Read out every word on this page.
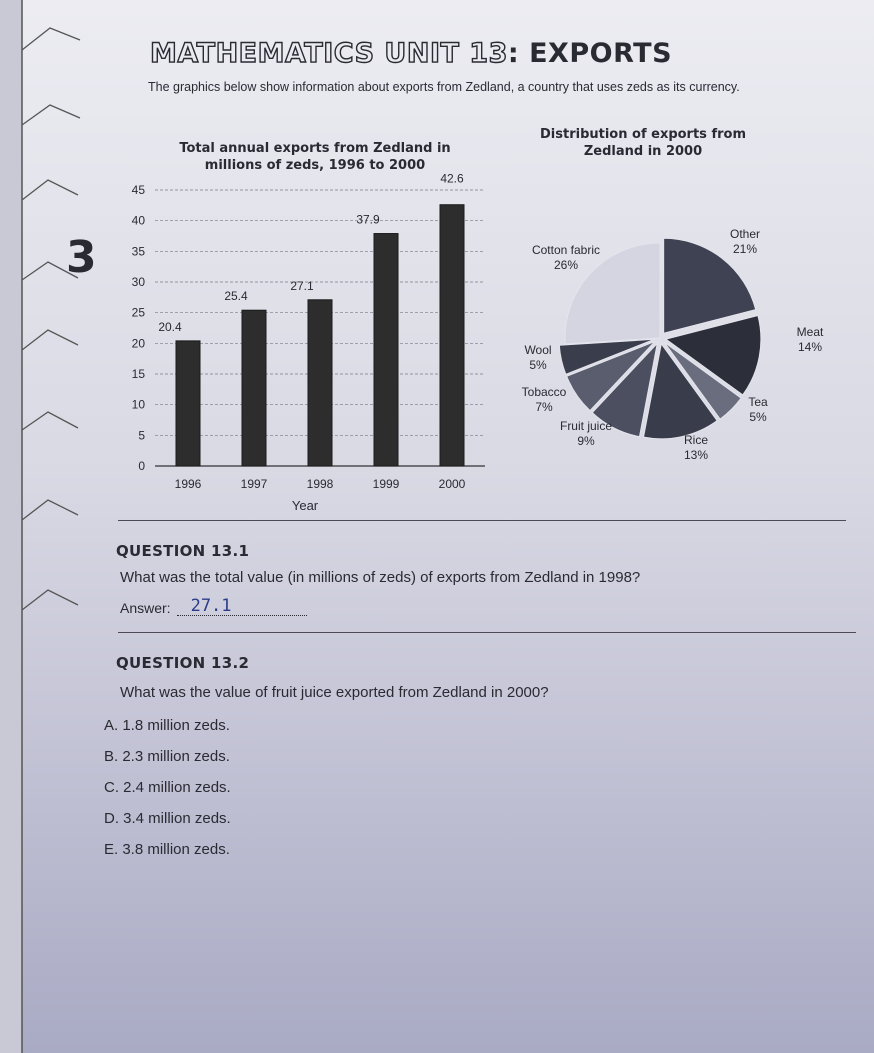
3
MATHEMATICS UNIT 13: EXPORTS
The graphics below show information about exports from Zedland, a country that uses zeds as its currency.
Total annual exports from Zedland in millions of zeds, 1996 to 2000
Distribution of exports from Zedland in 2000
0
5
10
15
20
25
30
35
40
45
20.4
25.4
27.1
37.9
42.6
1996	1997	1998	1999	2000
Year
Other
21%
Meat
14%
Tea
5%
Rice
13%
Fruit juice
9%
Tobacco
7%
Wool
5%
Cotton fabric
26%
QUESTION 13.1
What was the total value (in millions of zeds) of exports from Zedland in 1998?
Answer:	27.1
QUESTION 13.2
What was the value of fruit juice exported from Zedland in 2000?
A. 1.8 million zeds.
B. 2.3 million zeds.
C. 2.4 million zeds.
D. 3.4 million zeds.
E. 3.8 million zeds.
